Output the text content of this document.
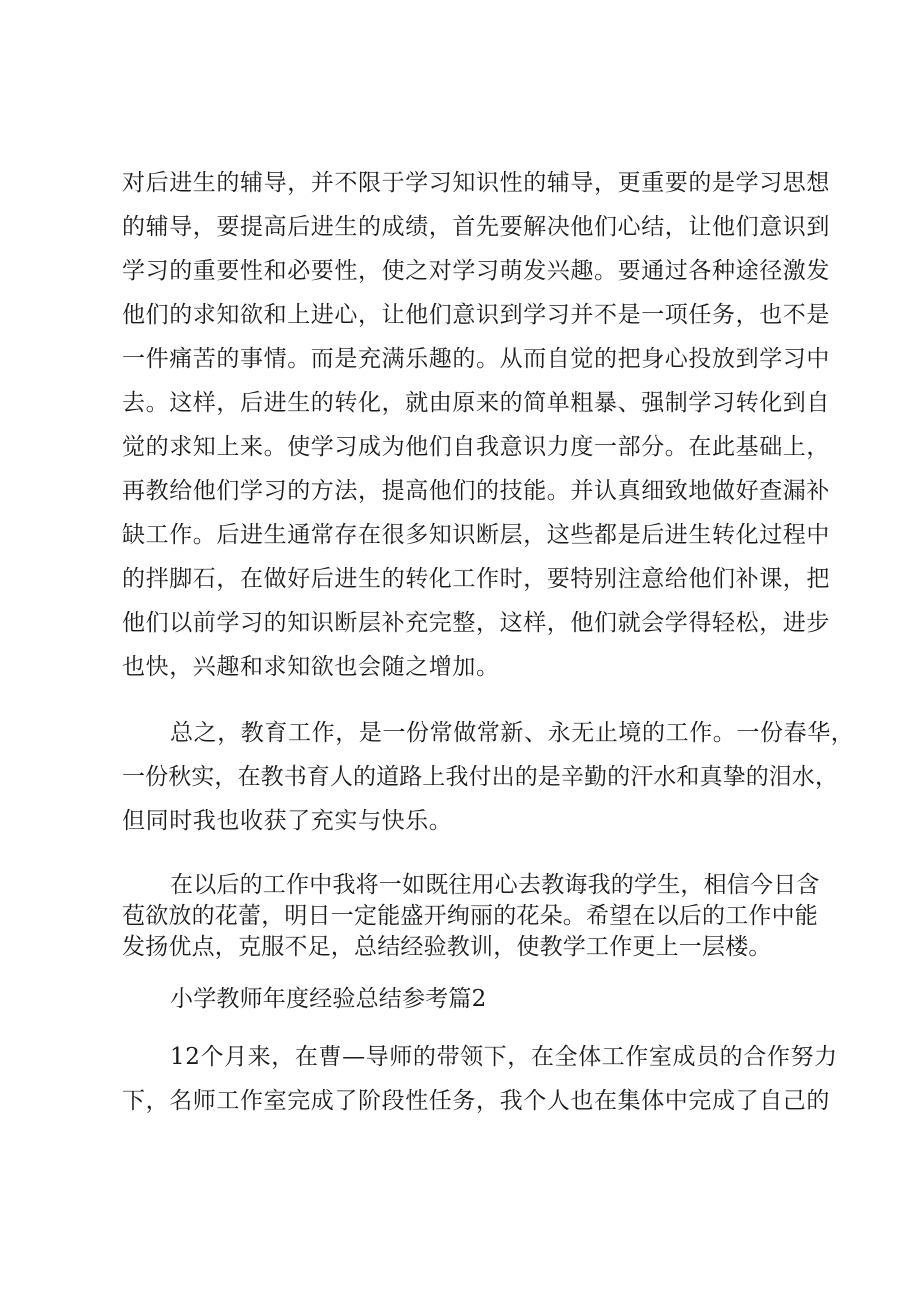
对后进生的辅导，并不限于学习知识性的辅导，更重要的是学习思想
的辅导，要提高后进生的成绩，首先要解决他们心结，让他们意识到
学习的重要性和必要性，使之对学习萌发兴趣。要通过各种途径激发
他们的求知欲和上进心，让他们意识到学习并不是一项任务，也不是
一件痛苦的事情。而是充满乐趣的。从而自觉的把身心投放到学习中
去。这样，后进生的转化，就由原来的简单粗暴、强制学习转化到自
觉的求知上来。使学习成为他们自我意识力度一部分。在此基础上，
再教给他们学习的方法，提高他们的技能。并认真细致地做好查漏补
缺工作。后进生通常存在很多知识断层，这些都是后进生转化过程中
的拌脚石，在做好后进生的转化工作时，要特别注意给他们补课，把
他们以前学习的知识断层补充完整，这样，他们就会学得轻松，进步
也快，兴趣和求知欲也会随之增加。
总之，教育工作，是一份常做常新、永无止境的工作。一份春华，
一份秋实，在教书育人的道路上我付出的是辛勤的汗水和真挚的泪水，
但同时我也收获了充实与快乐。
在以后的工作中我将一如既往用心去教诲我的学生，相信今日含
苞欲放的花蕾，明日一定能盛开绚丽的花朵。希望在以后的工作中能
发扬优点，克服不足，总结经验教训，使教学工作更上一层楼。
小学教师年度经验总结参考篇2
12个月来，在曹—导师的带领下，在全体工作室成员的合作努力
下，名师工作室完成了阶段性任务，我个人也在集体中完成了自己的
